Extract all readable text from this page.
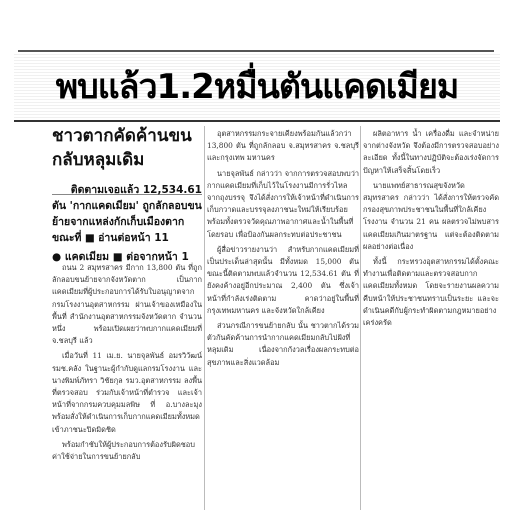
พบแล้ว1.2หมื่นตันแคดเมียม
ชาวตากคัดค้านขนกลับหลุมเดิม
ติดตามเจอแล้ว 12,534.61
ตัน 'กากแคดเมียม' ถูกลักลอบขนย้ายจากแหล่งกักเก็บเมืองตาก ขณะที่ ■ อ่านต่อหน้า 11
● แคดเมียม ■ ต่อจากหน้า 1

ถนน 2 สมุทรสาคร มีกาก 13,800 ตัน ที่ถูกลักลอบขนย้ายจากจังหวัดตาก เป็นกากแคดเมียมที่ผู้ประกอบการได้รับใบอนุญาตจากกรมโรงงานอุตสาหกรรม ผ่านเจ้าของเหมืองในพื้นที่ สำนักงานอุตสาหกรรมจังหวัดตาก จำนวนหนึ่ง พร้อมเปิดเผยว่าพบกากแคดเมียมที่ จ.ชลบุรี แล้ว

เมื่อวันที่ 11 เม.ย. นายจุลพันธ์ อมรวิวัฒน์ รมช.คลัง ในฐานะผู้กำกับดูแลกรมโรงงาน และนางพิมพ์ภัทรา วิชัยกุล รมว.อุตสาหกรรม ลงพื้นที่ตรวจสอบ ร่วมกับเจ้าหน้าที่ตำรวจ และเจ้าหน้าที่จากกรมควบคุมมลพิษ ที่ อ.บางละมุง พร้อมสั่งให้ดำเนินการเก็บกากแคดเมียมทั้งหมดเข้าภาชนะปิดมิดชิด

พร้อมกำชับให้ผู้ประกอบการต้องรับผิดชอบค่าใช้จ่ายในการขนย้ายกลับ

อุตสาหกรรมกระจายเคียงพร้อมกันแล้วกว่า 13,800 ตัน ที่ถูกลักลอบ จ.สมุทรสาคร จ.ชลบุรี และกรุงเทพ มหานคร

นายจุลพันธ์ กล่าวว่า จากการตรวจสอบพบว่ากากแคดเมียมที่เก็บไว้ในโรงงานมีการรั่วไหลจากถุงบรรจุ จึงได้สั่งการให้เจ้าหน้าที่ดำเนินการเก็บกวาดและบรรจุลงภาชนะใหม่ให้เรียบร้อย พร้อมทั้งตรวจวัดคุณภาพอากาศและน้ำในพื้นที่โดยรอบ เพื่อป้องกันผลกระทบต่อประชาชน

ผู้สื่อข่าวรายงานว่า สำหรับกากแคดเมียมที่เป็นประเด็นล่าสุดนั้น มีทั้งหมด 15,000 ตัน ขณะนี้ติดตามพบแล้วจำนวน 12,534.61 ตัน ที่ยังคงค้างอยู่อีกประมาณ 2,400 ตัน ซึ่งเจ้าหน้าที่กำลังเร่งติดตาม คาดว่าอยู่ในพื้นที่กรุงเทพมหานคร และจังหวัดใกล้เคียง

ส่วนกรณีการขนย้ายกลับ นั้น ชาวตากได้รวมตัวกันคัดค้านการนำกากแคดเมียมกลับไปฝังที่หลุมเดิม เนื่องจากกังวลเรื่องผลกระทบต่อสุขภาพและสิ่งแวดล้อม

ผลิตอาหาร น้ำ เครื่องดื่ม และจำหน่ายจากต่างจังหวัด จึงต้องมีการตรวจสอบอย่างละเอียด ทั้งนี้ในทางปฏิบัติจะต้องเร่งจัดการปัญหาให้เสร็จสิ้นโดยเร็ว

นายแพทย์สาธารณสุขจังหวัดสมุทรสาคร กล่าวว่า ได้สั่งการให้ตรวจคัดกรองสุขภาพประชาชนในพื้นที่ใกล้เคียงโรงงาน จำนวน 21 คน ผลตรวจไม่พบสารแคดเมียมเกินมาตรฐาน แต่จะต้องติดตามผลอย่างต่อเนื่อง

ทั้งนี้ กระทรวงอุตสาหกรรมได้ตั้งคณะทำงานเพื่อติดตามและตรวจสอบกากแคดเมียมทั้งหมด โดยจะรายงานผลความคืบหน้าให้ประชาชนทราบเป็นระยะ และจะดำเนินคดีกับผู้กระทำผิดตามกฎหมายอย่างเคร่งครัด
